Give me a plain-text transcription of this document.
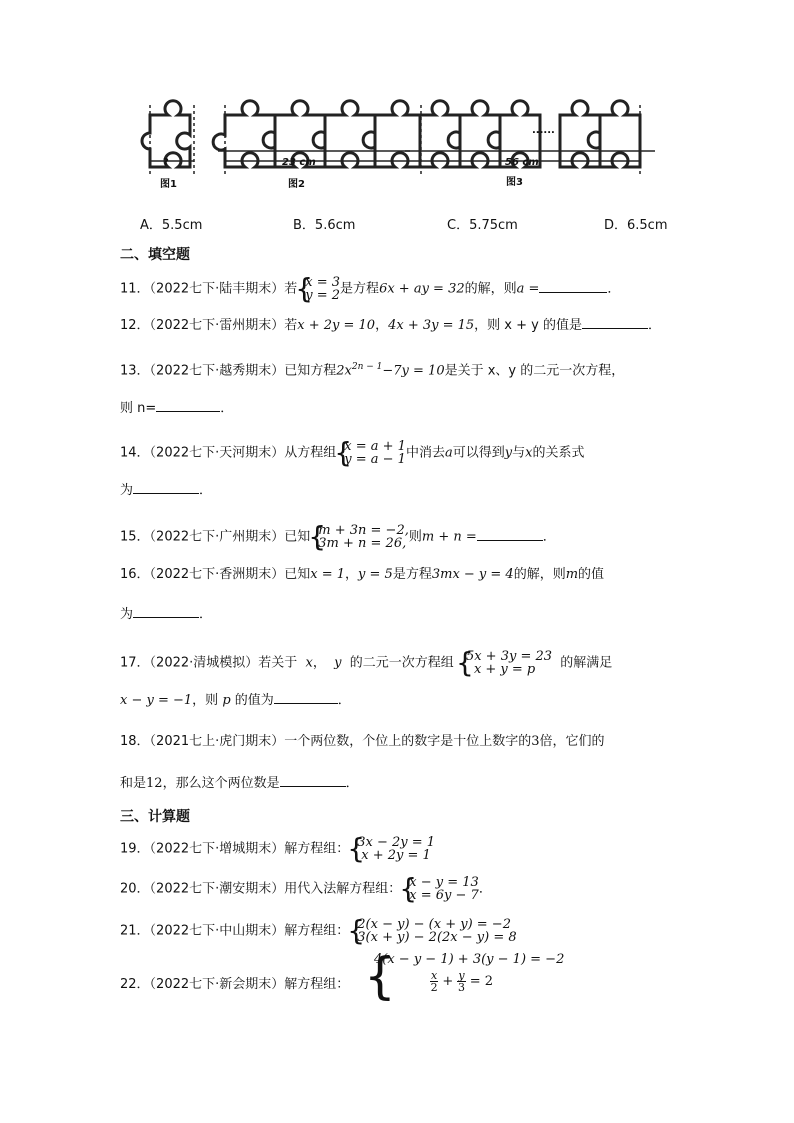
?
图1
23 cm
图2
......
56 cm
图3
A．5.5cm	B．5.6cm	C．5.75cm	D．6.5cm
二、填空题
11．（2022七下·陆丰期末）若 { x = 3
y = 2 是方程6x + ay = 32的解，则a =	．
12．（2022七下·雷州期末）若x + 2y = 10，4x + 3y = 15，则 x + y 的值是	．
13．（2022七下·越秀期末）已知方程$2x^{2n - 1}-7y = 10$是关于 x、y 的二元一次方程，
则 n=	．
14．（2022七下·天河期末）从方程组 { x = a + 1
y = a − 1 中消去a可以得到y与x的关系式
为	．
15．（2022七下·广州期末）已知 { m + 3n = −2,
3m + n = 26, 则m + n =	．
16．（2022七下·香洲期末）已知x = 1，y = 5是方程3mx − y = 4的解，则m的值
为	．
17．（2022·清城模拟）若关于 x， y 的二元一次方程组 { 5x + 3y = 23
x + y = p	的解满足
x − y = −1，则 p 的值为	．
18．（2021七上·虎门期末）一个两位数，个位上的数字是十位上数字的3倍，它们的
和是12，那么这个两位数是	．
三、计算题
19．（2022七下·增城期末）解方程组： { 3x − 2y = 1
x + 2y = 1
20．（2022七下·潮安期末）用代入法解方程组： { x − y = 13
x = 6y − 7 ．
21．（2022七下·中山期末）解方程组： { 2(x − y) − (x + y) = −2
3(x + y) − 2(2x − y) = 8
22．（2022七下·新会期末）解方程组： {
4(x − y − 1) + 3(y − 1) = −2
$\frac{x}{2} + \frac{y}{3} = 2$
